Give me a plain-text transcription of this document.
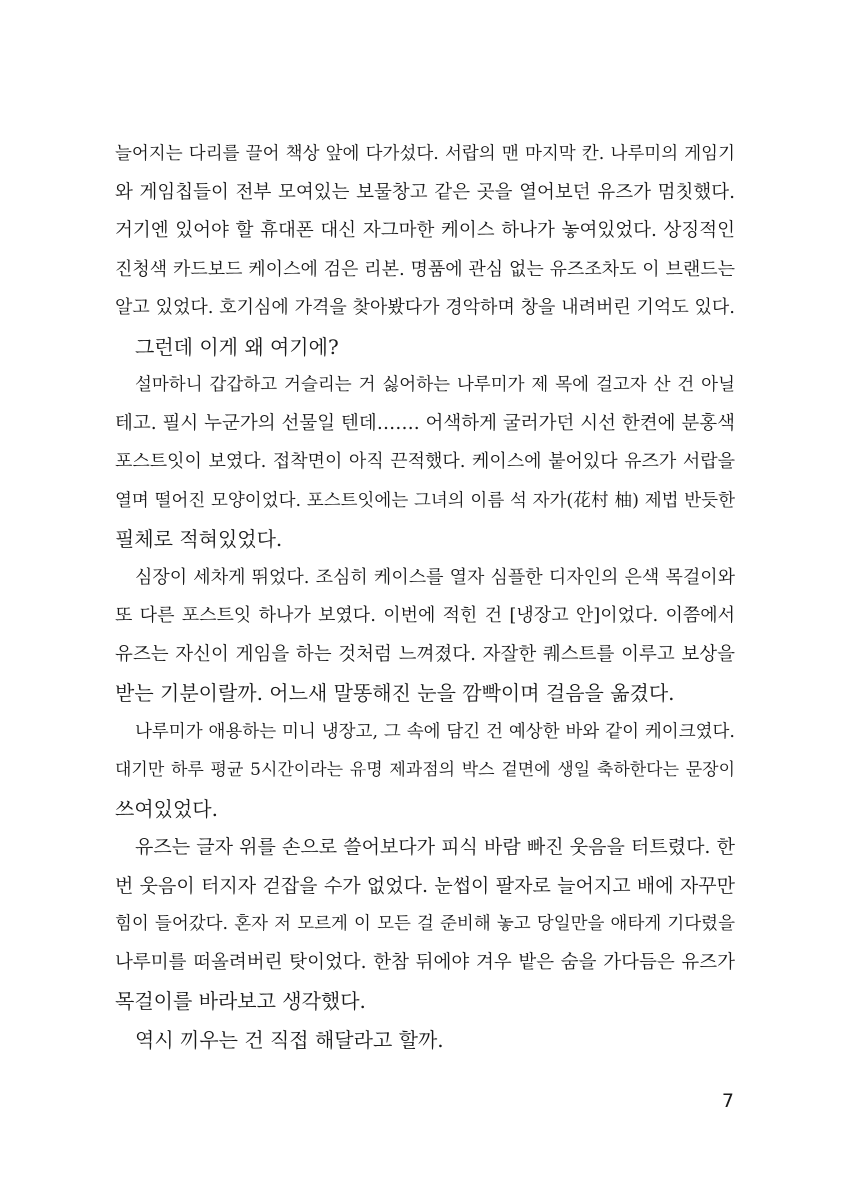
늘어지는 다리를 끌어 책상 앞에 다가섰다. 서랍의 맨 마지막 칸. 나루미의 게임기
와 게임칩들이 전부 모여있는 보물창고 같은 곳을 열어보던 유즈가 멈칫했다.
거기엔 있어야 할 휴대폰 대신 자그마한 케이스 하나가 놓여있었다. 상징적인
진청색 카드보드 케이스에 검은 리본. 명품에 관심 없는 유즈조차도 이 브랜드는
알고 있었다. 호기심에 가격을 찾아봤다가 경악하며 창을 내려버린 기억도 있다.
그런데 이게 왜 여기에?
설마하니 갑갑하고 거슬리는 거 싫어하는 나루미가 제 목에 걸고자 산 건 아닐
테고. 필시 누군가의 선물일 텐데……. 어색하게 굴러가던 시선 한켠에 분홍색
포스트잇이 보였다. 접착면이 아직 끈적했다. 케이스에 붙어있다 유즈가 서랍을
열며 떨어진 모양이었다. 포스트잇에는 그녀의 이름 석 자가(花村 柚) 제법 반듯한
필체로 적혀있었다.
심장이 세차게 뛰었다. 조심히 케이스를 열자 심플한 디자인의 은색 목걸이와
또 다른 포스트잇 하나가 보였다. 이번에 적힌 건 [냉장고 안]이었다. 이쯤에서
유즈는 자신이 게임을 하는 것처럼 느껴졌다. 자잘한 퀘스트를 이루고 보상을
받는 기분이랄까. 어느새 말똥해진 눈을 깜빡이며 걸음을 옮겼다.
나루미가 애용하는 미니 냉장고, 그 속에 담긴 건 예상한 바와 같이 케이크였다.
대기만 하루 평균 5시간이라는 유명 제과점의 박스 겉면에 생일 축하한다는 문장이
쓰여있었다.
유즈는 글자 위를 손으로 쓸어보다가 피식 바람 빠진 웃음을 터트렸다. 한
번 웃음이 터지자 걷잡을 수가 없었다. 눈썹이 팔자로 늘어지고 배에 자꾸만
힘이 들어갔다. 혼자 저 모르게 이 모든 걸 준비해 놓고 당일만을 애타게 기다렸을
나루미를 떠올려버린 탓이었다. 한참 뒤에야 겨우 밭은 숨을 가다듬은 유즈가
목걸이를 바라보고 생각했다.
역시 끼우는 건 직접 해달라고 할까.
7
